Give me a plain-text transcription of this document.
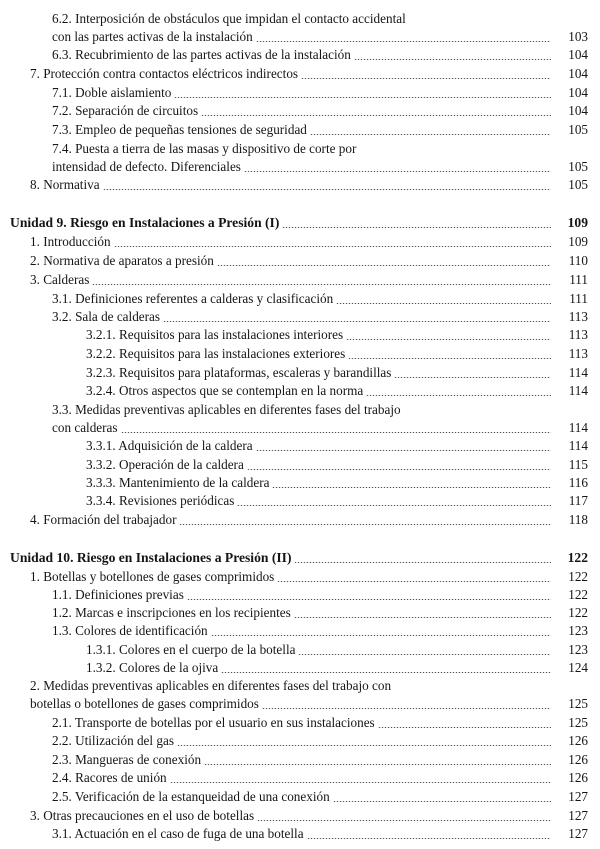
6.2. Interposición de obstáculos que impidan el contacto accidental
con las partes activas de la instalación	103
6.3. Recubrimiento de las partes activas de la instalación	104
7. Protección contra contactos eléctricos indirectos	104
7.1. Doble aislamiento	104
7.2. Separación de circuitos	104
7.3. Empleo de pequeñas tensiones de seguridad	105
7.4. Puesta a tierra de las masas y dispositivo de corte por
intensidad de defecto. Diferenciales	105
8. Normativa	105
Unidad 9. Riesgo en Instalaciones a Presión (I)	109
1. Introducción	109
2. Normativa de aparatos a presión	110
3. Calderas	111
3.1. Definiciones referentes a calderas y clasificación	111
3.2. Sala de calderas	113
3.2.1. Requisitos para las instalaciones interiores	113
3.2.2. Requisitos para las instalaciones exteriores	113
3.2.3. Requisitos para plataformas, escaleras y barandillas	114
3.2.4. Otros aspectos que se contemplan en la norma	114
3.3. Medidas preventivas aplicables en diferentes fases del trabajo
con calderas	114
3.3.1. Adquisición de la caldera	114
3.3.2. Operación de la caldera	115
3.3.3. Mantenimiento de la caldera	116
3.3.4. Revisiones periódicas	117
4. Formación del trabajador	118
Unidad 10. Riesgo en Instalaciones a Presión (II)	122
1. Botellas y botellones de gases comprimidos	122
1.1. Definiciones previas	122
1.2. Marcas e inscripciones en los recipientes	122
1.3. Colores de identificación	123
1.3.1. Colores en el cuerpo de la botella	123
1.3.2. Colores de la ojiva	124
2. Medidas preventivas aplicables en diferentes fases del trabajo con
botellas o botellones de gases comprimidos	125
2.1. Transporte de botellas por el usuario en sus instalaciones	125
2.2. Utilización del gas	126
2.3. Mangueras de conexión	126
2.4. Racores de unión	126
2.5. Verificación de la estanqueidad de una conexión	127
3. Otras precauciones en el uso de botellas	127
3.1. Actuación en el caso de fuga de una botella	127
